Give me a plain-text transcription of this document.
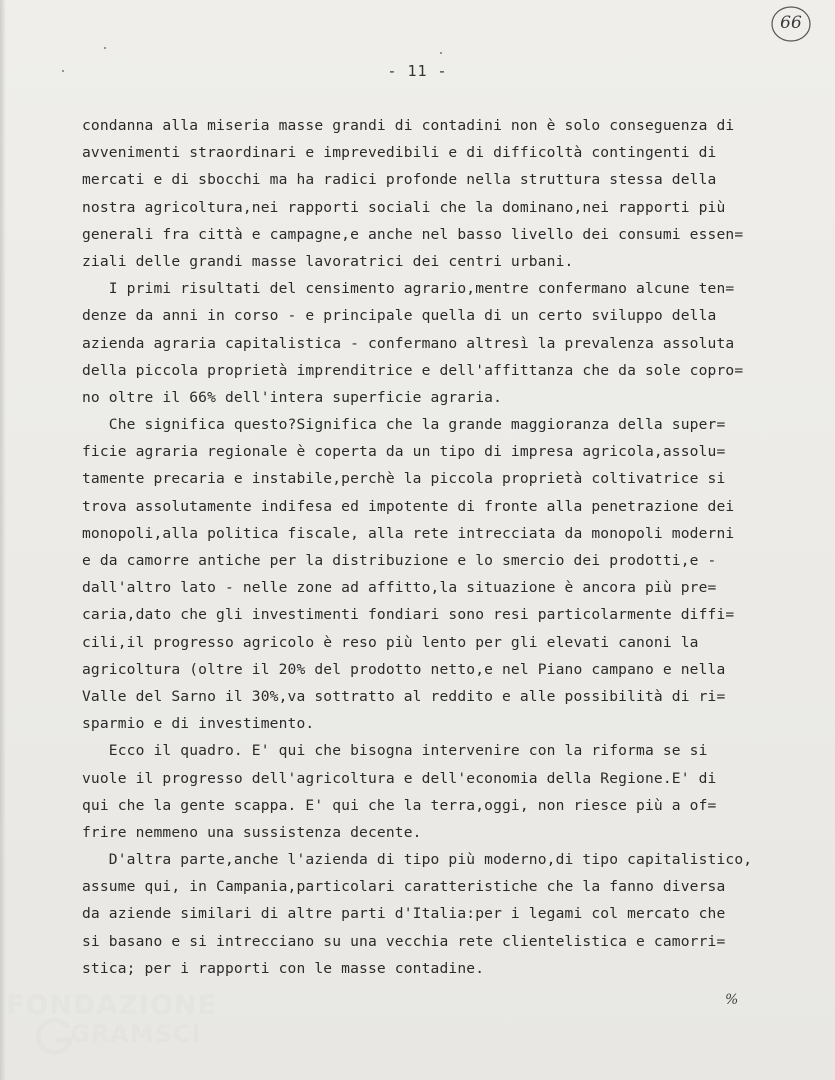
66
- 11 -
condanna alla miseria masse grandi di contadini non è solo conseguenza di
avvenimenti straordinari e imprevedibili e di difficoltà contingenti di
mercati e di sbocchi ma ha radici profonde nella struttura stessa della
nostra agricoltura,nei rapporti sociali che la dominano,nei rapporti più
generali fra città e campagne,e anche nel basso livello dei consumi essen=
ziali delle grandi masse lavoratrici dei centri urbani.
I primi risultati del censimento agrario,mentre confermano alcune ten=
denze da anni in corso - e principale quella di un certo sviluppo della
azienda agraria capitalistica - confermano altresì la prevalenza assoluta
della piccola proprietà imprenditrice e dell'affittanza che da sole copro=
no oltre il 66% dell'intera superficie agraria.
Che significa questo?Significa che la grande maggioranza della super=
ficie agraria regionale è coperta da un tipo di impresa agricola,assolu=
tamente precaria e instabile,perchè la piccola proprietà coltivatrice si
trova assolutamente indifesa ed impotente di fronte alla penetrazione dei
monopoli,alla politica fiscale, alla rete intrecciata da monopoli moderni
e da camorre antiche per la distribuzione e lo smercio dei prodotti,e -
dall'altro lato - nelle zone ad affitto,la situazione è ancora più pre=
caria,dato che gli investimenti fondiari sono resi particolarmente diffi=
cili,il progresso agricolo è reso più lento per gli elevati canoni la
agricoltura (oltre il 20% del prodotto netto,e nel Piano campano e nella
Valle del Sarno il 30%,va sottratto al reddito e alle possibilità di ri=
sparmio e di investimento.
Ecco il quadro. E' qui che bisogna intervenire con la riforma se si
vuole il progresso dell'agricoltura e dell'economia della Regione.E' di
qui che la gente scappa. E' qui che la terra,oggi, non riesce più a of=
frire nemmeno una sussistenza decente.
D'altra parte,anche l'azienda di tipo più moderno,di tipo capitalistico,
assume qui, in Campania,particolari caratteristiche che la fanno diversa
da aziende similari di altre parti d'Italia:per i legami col mercato che
si basano e si intrecciano su una vecchia rete clientelistica e camorri=
stica; per i rapporti con le masse contadine.
%
FONDAZIONE
GRAMSCI
